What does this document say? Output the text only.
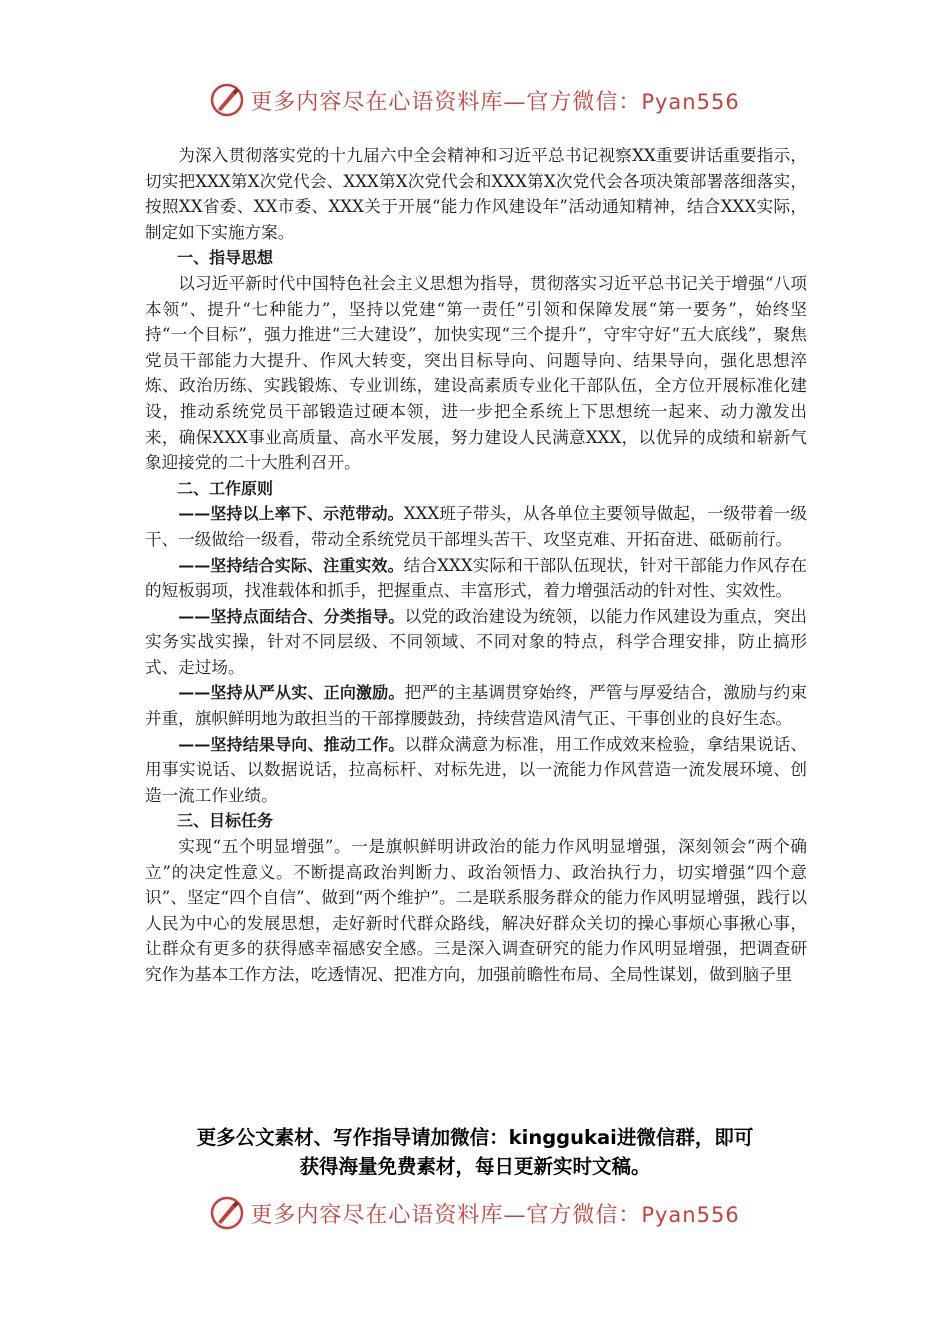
更多内容尽在心语资料库—官方微信：Pyan556

为深入贯彻落实党的十九届六中全会精神和习近平总书记视察XX重要讲话重要指示，切实把XXX第X次党代会、XXX第X次党代会和XXX第X次党代会各项决策部署落细落实，按照XX省委、XX市委、XXX关于开展“能力作风建设年”活动通知精神，结合XXX实际，制定如下实施方案。

一、指导思想

以习近平新时代中国特色社会主义思想为指导，贯彻落实习近平总书记关于增强“八项本领”、提升“七种能力”，坚持以党建“第一责任”引领和保障发展“第一要务”，始终坚持“一个目标”，强力推进“三大建设”，加快实现“三个提升”，守牢守好“五大底线”，聚焦党员干部能力大提升、作风大转变，突出目标导向、问题导向、结果导向，强化思想淬炼、政治历练、实践锻炼、专业训练，建设高素质专业化干部队伍，全方位开展标准化建设，推动系统党员干部锻造过硬本领，进一步把全系统上下思想统一起来、动力激发出来，确保XXX事业高质量、高水平发展，努力建设人民满意XXX，以优异的成绩和崭新气象迎接党的二十大胜利召开。

二、工作原则

——坚持以上率下、示范带动。XXX班子带头，从各单位主要领导做起，一级带着一级干、一级做给一级看，带动全系统党员干部埋头苦干、攻坚克难、开拓奋进、砥砺前行。

——坚持结合实际、注重实效。结合XXX实际和干部队伍现状，针对干部能力作风存在的短板弱项，找准载体和抓手，把握重点、丰富形式，着力增强活动的针对性、实效性。

——坚持点面结合、分类指导。以党的政治建设为统领，以能力作风建设为重点，突出实务实战实操，针对不同层级、不同领域、不同对象的特点，科学合理安排，防止搞形式、走过场。

——坚持从严从实、正向激励。把严的主基调贯穿始终，严管与厚爱结合，激励与约束并重，旗帜鲜明地为敢担当的干部撑腰鼓劲，持续营造风清气正、干事创业的良好生态。

——坚持结果导向、推动工作。以群众满意为标准，用工作成效来检验，拿结果说话、用事实说话、以数据说话，拉高标杆、对标先进，以一流能力作风营造一流发展环境、创造一流工作业绩。

三、目标任务

实现“五个明显增强”。一是旗帜鲜明讲政治的能力作风明显增强，深刻领会“两个确立”的决定性意义。不断提高政治判断力、政治领悟力、政治执行力，切实增强“四个意识”、坚定“四个自信”、做到“两个维护”。二是联系服务群众的能力作风明显增强，践行以人民为中心的发展思想，走好新时代群众路线，解决好群众关切的操心事烦心事揪心事，让群众有更多的获得感幸福感安全感。三是深入调查研究的能力作风明显增强，把调查研究作为基本工作方法，吃透情况、把准方向，加强前瞻性布局、全局性谋划，做到脑子里

更多公文素材、写作指导请加微信：kinggukai进微信群，即可
获得海量免费素材，每日更新实时文稿。
更多内容尽在心语资料库—官方微信：Pyan556
